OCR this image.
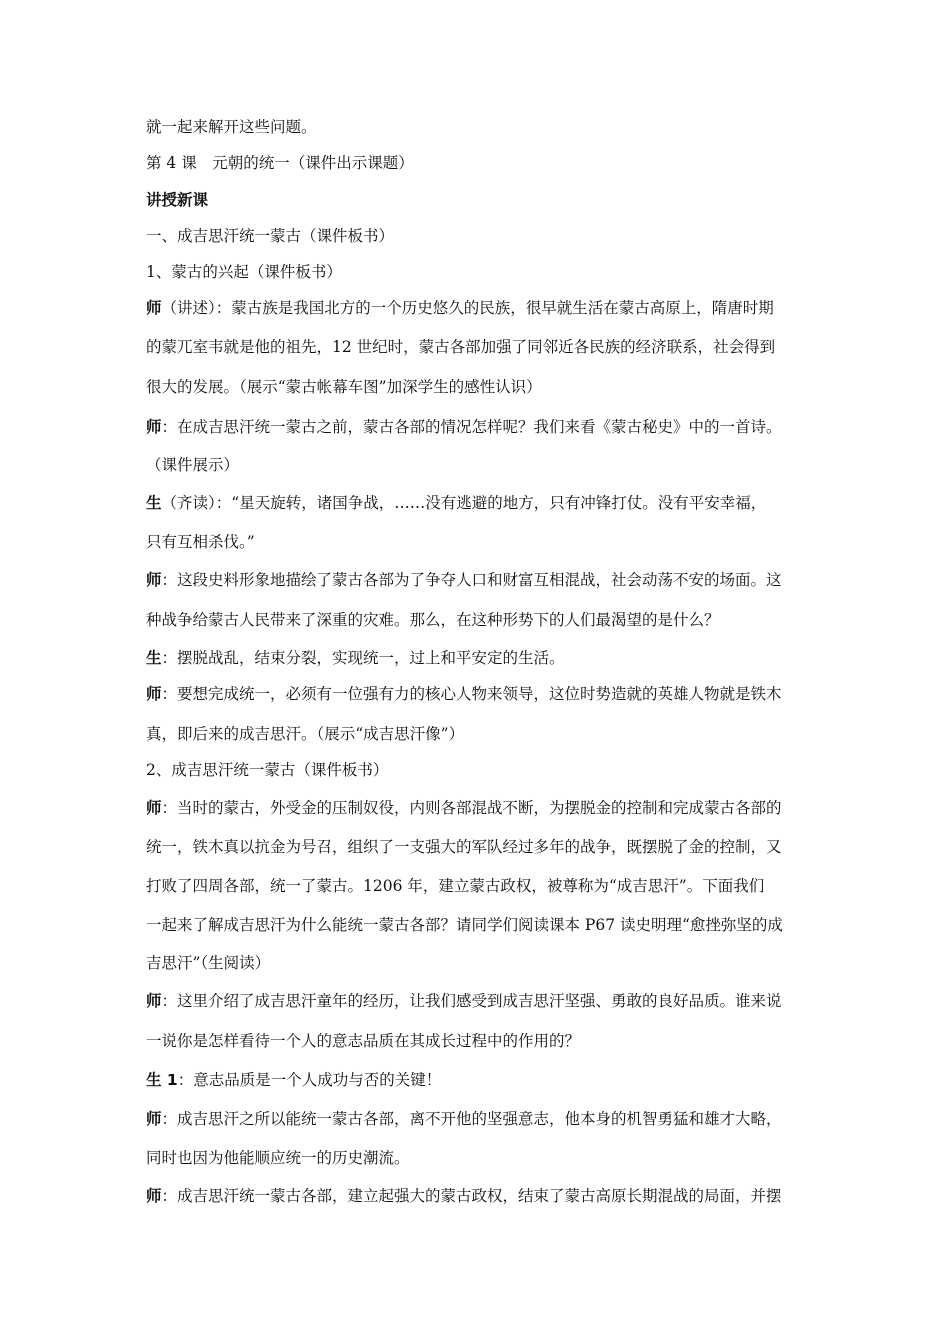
就一起来解开这些问题。
第 4 课　元朝的统一（课件出示课题）
讲授新课
一、成吉思汗统一蒙古（课件板书）
1、蒙古的兴起（课件板书）
师（讲述）：蒙古族是我国北方的一个历史悠久的民族，很早就生活在蒙古高原上，隋唐时期
的蒙兀室韦就是他的祖先，12 世纪时，蒙古各部加强了同邻近各民族的经济联系，社会得到
很大的发展。（展示“蒙古帐幕车图”加深学生的感性认识）
师：在成吉思汗统一蒙古之前，蒙古各部的情况怎样呢？我们来看《蒙古秘史》中的一首诗。
（课件展示）
生（齐读）：“星天旋转，诸国争战，……没有逃避的地方，只有冲锋打仗。没有平安幸福，
只有互相杀伐。”
师：这段史料形象地描绘了蒙古各部为了争夺人口和财富互相混战，社会动荡不安的场面。这
种战争给蒙古人民带来了深重的灾难。那么，在这种形势下的人们最渴望的是什么？
生：摆脱战乱，结束分裂，实现统一，过上和平安定的生活。
师：要想完成统一，必须有一位强有力的核心人物来领导，这位时势造就的英雄人物就是铁木
真，即后来的成吉思汗。（展示“成吉思汗像”）
2、成吉思汗统一蒙古（课件板书）
师：当时的蒙古，外受金的压制奴役，内则各部混战不断，为摆脱金的控制和完成蒙古各部的
统一，铁木真以抗金为号召，组织了一支强大的军队经过多年的战争，既摆脱了金的控制，又
打败了四周各部，统一了蒙古。1206 年，建立蒙古政权，被尊称为“成吉思汗”。下面我们
一起来了解成吉思汗为什么能统一蒙古各部？请同学们阅读课本 P67 读史明理“愈挫弥坚的成
吉思汗”（生阅读）
师：这里介绍了成吉思汗童年的经历，让我们感受到成吉思汗坚强、勇敢的良好品质。谁来说
一说你是怎样看待一个人的意志品质在其成长过程中的作用的？
生 1：意志品质是一个人成功与否的关键！
师：成吉思汗之所以能统一蒙古各部，离不开他的坚强意志，他本身的机智勇猛和雄才大略，
同时也因为他能顺应统一的历史潮流。
师：成吉思汗统一蒙古各部，建立起强大的蒙古政权，结束了蒙古高原长期混战的局面，并摆
